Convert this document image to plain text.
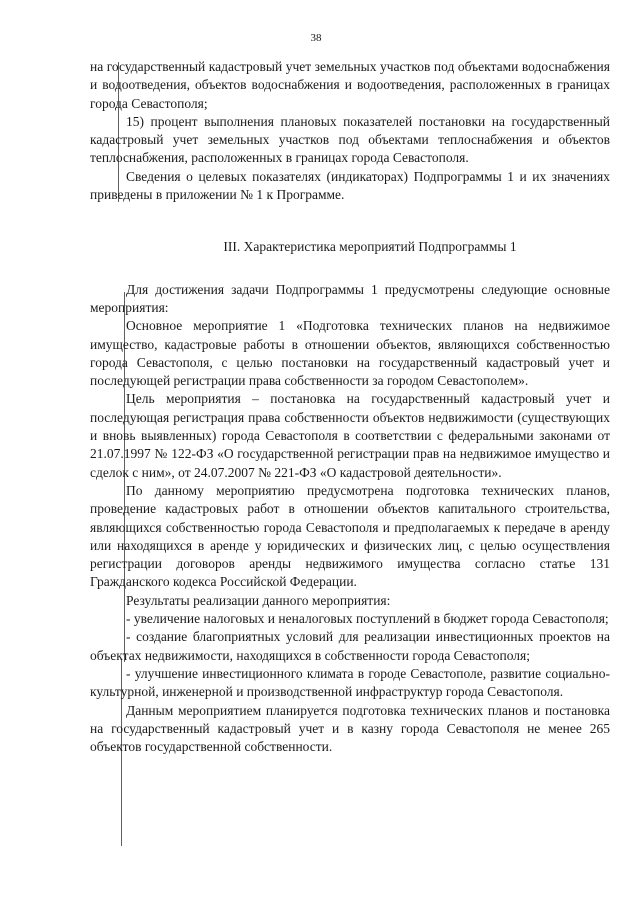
38

на государственный кадастровый учет земельных участков под объектами водоснабжения и водоотведения, объектов водоснабжения и водоотведения, расположенных в границах города Севастополя;

15) процент выполнения плановых показателей постановки на государственный кадастровый учет земельных участков под объектами теплоснабжения и объектов теплоснабжения, расположенных в границах города Севастополя.

Сведения о целевых показателях (индикаторах) Подпрограммы 1 и их значениях приведены в приложении № 1 к Программе.

III. Характеристика мероприятий Подпрограммы 1

Для достижения задачи Подпрограммы 1 предусмотрены следующие основные мероприятия:

Основное мероприятие 1 «Подготовка технических планов на недвижимое имущество, кадастровые работы в отношении объектов, являющихся собственностью города Севастополя, с целью постановки на государственный кадастровый учет и последующей регистрации права собственности за городом Севастополем».

Цель мероприятия – постановка на государственный кадастровый учет и последующая регистрация права собственности объектов недвижимости (существующих и вновь выявленных) города Севастополя в соответствии с федеральными законами от 21.07.1997 № 122-ФЗ «О государственной регистрации прав на недвижимое имущество и сделок с ним», от 24.07.2007 № 221-ФЗ «О кадастровой деятельности».

По данному мероприятию предусмотрена подготовка технических планов, проведение кадастровых работ в отношении объектов капитального строительства, являющихся собственностью города Севастополя и предполагаемых к передаче в аренду или находящихся в аренде у юридических и физических лиц, с целью осуществления регистрации договоров аренды недвижимого имущества согласно статье 131 Гражданского кодекса Российской Федерации.

Результаты реализации данного мероприятия:

- увеличение налоговых и неналоговых поступлений в бюджет города Севастополя;

- создание благоприятных условий для реализации инвестиционных проектов на объектах недвижимости, находящихся в собственности города Севастополя;

- улучшение инвестиционного климата в городе Севастополе, развитие социально-культурной, инженерной и производственной инфраструктур города Севастополя.

Данным мероприятием планируется подготовка технических планов и постановка на государственный кадастровый учет и в казну города Севастополя не менее 265 объектов государственной собственности.
